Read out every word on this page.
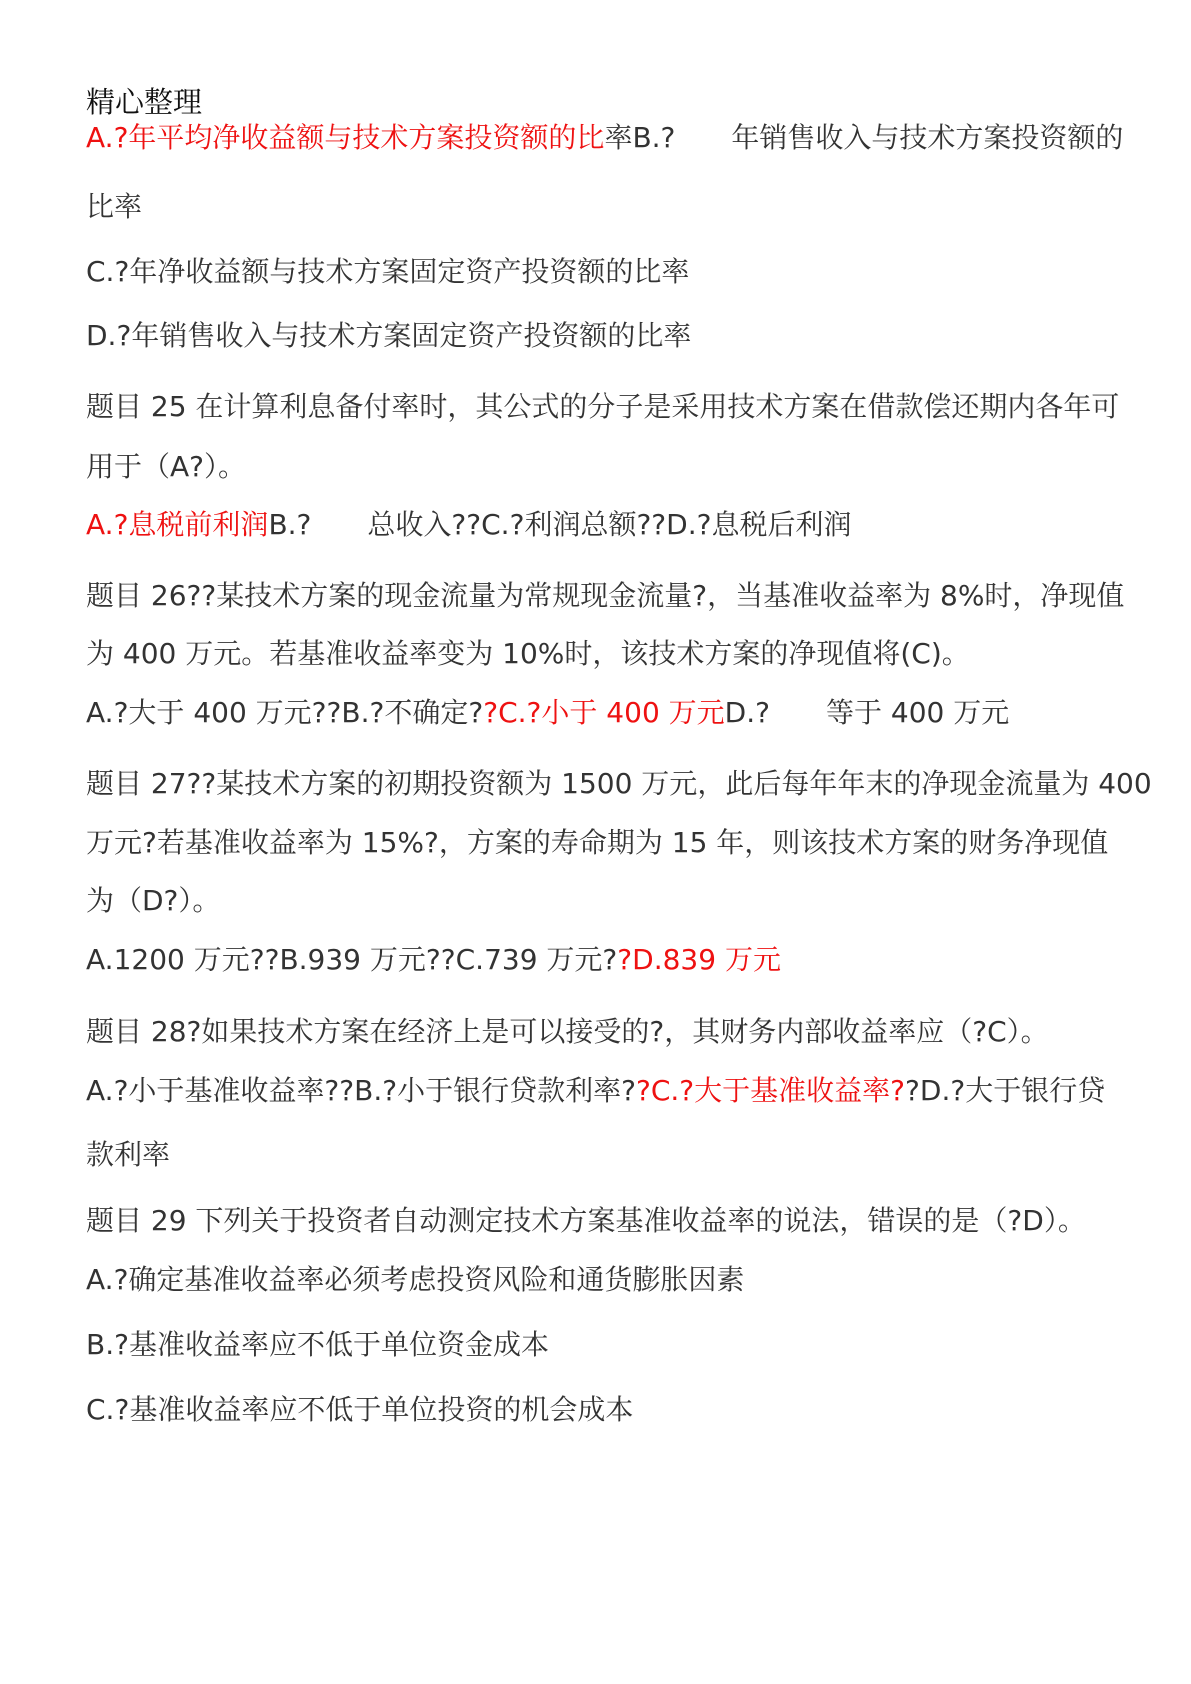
精心整理
A.?年平均净收益额与技术方案投资额的比率B.?　　年销售收入与技术方案投资额的
比率
C.?年净收益额与技术方案固定资产投资额的比率
D.?年销售收入与技术方案固定资产投资额的比率
题目 25 在计算利息备付率时，其公式的分子是采用技术方案在借款偿还期内各年可
用于（A?）。
A.?息税前利润B.?　　总收入??C.?利润总额??D.?息税后利润
题目 26??某技术方案的现金流量为常规现金流量?，当基准收益率为 8%时，净现值
为 400 万元。若基准收益率变为 10%时，该技术方案的净现值将(C)。
A.?大于 400 万元??B.?不确定??C.?小于 400 万元D.?　　等于 400 万元
题目 27??某技术方案的初期投资额为 1500 万元，此后每年年末的净现金流量为 400
万元?若基准收益率为 15%?，方案的寿命期为 15 年，则该技术方案的财务净现值
为（D?）。
A.1200 万元??B.939 万元??C.739 万元??D.839 万元
题目 28?如果技术方案在经济上是可以接受的?，其财务内部收益率应（?C）。
A.?小于基准收益率??B.?小于银行贷款利率??C.?大于基准收益率??D.?大于银行贷
款利率
题目 29 下列关于投资者自动测定技术方案基准收益率的说法，错误的是（?D）。
A.?确定基准收益率必须考虑投资风险和通货膨胀因素
B.?基准收益率应不低于单位资金成本
C.?基准收益率应不低于单位投资的机会成本
